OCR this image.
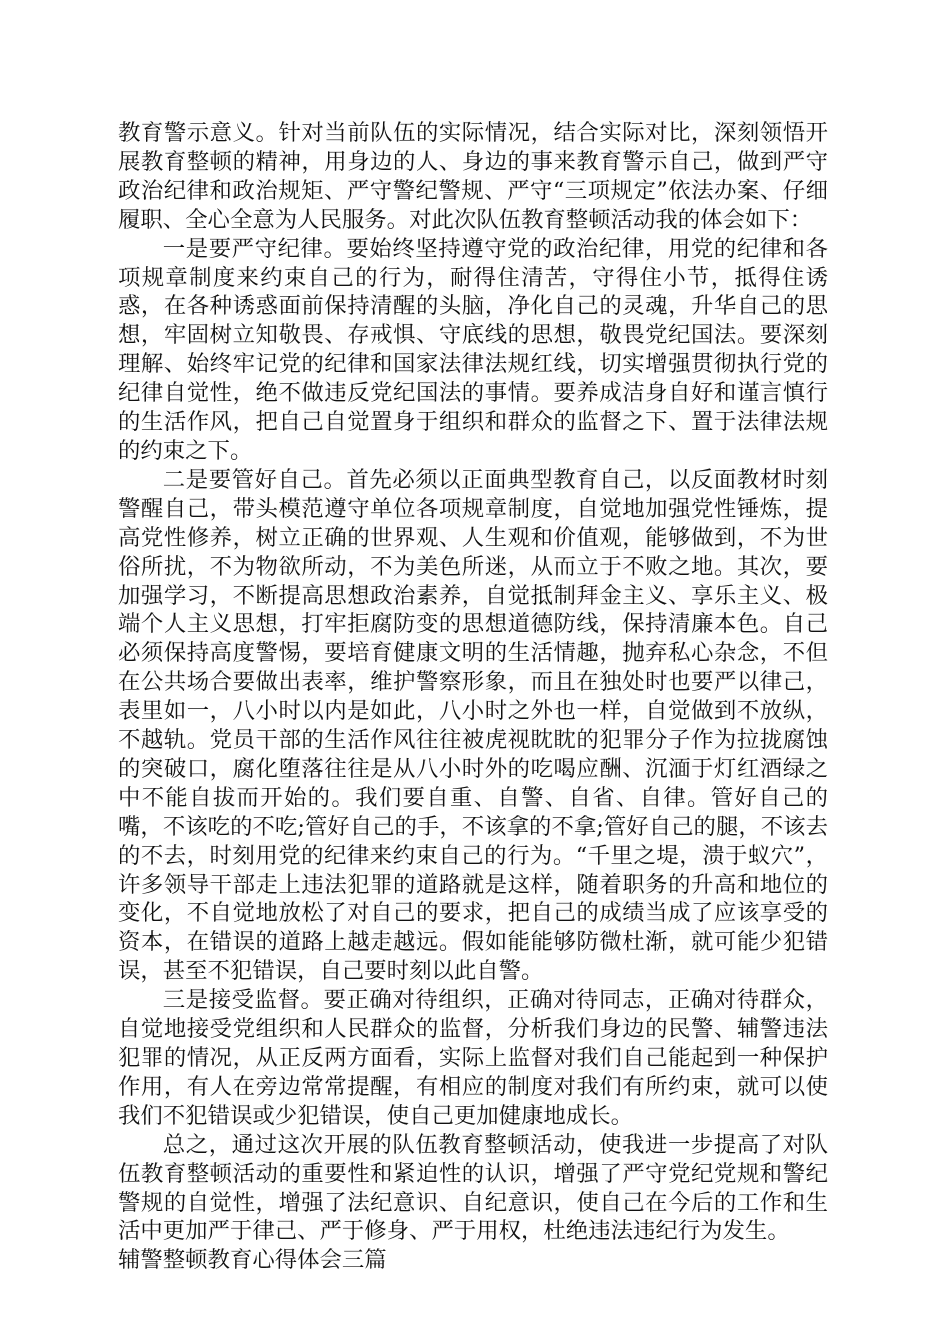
教育警示意义。针对当前队伍的实际情况，结合实际对比，深刻领悟开展教育整顿的精神，用身边的人、身边的事来教育警示自己，做到严守政治纪律和政治规矩、严守警纪警规、严守“三项规定”依法办案、仔细履职、全心全意为人民服务。对此次队伍教育整顿活动我的体会如下：

一是要严守纪律。要始终坚持遵守党的政治纪律，用党的纪律和各项规章制度来约束自己的行为，耐得住清苦，守得住小节，抵得住诱惑，在各种诱惑面前保持清醒的头脑，净化自己的灵魂，升华自己的思想，牢固树立知敬畏、存戒惧、守底线的思想，敬畏党纪国法。要深刻理解、始终牢记党的纪律和国家法律法规红线，切实增强贯彻执行党的纪律自觉性，绝不做违反党纪国法的事情。要养成洁身自好和谨言慎行的生活作风，把自己自觉置身于组织和群众的监督之下、置于法律法规的约束之下。

二是要管好自己。首先必须以正面典型教育自己，以反面教材时刻警醒自己，带头模范遵守单位各项规章制度，自觉地加强党性锤炼，提高党性修养，树立正确的世界观、人生观和价值观，能够做到，不为世俗所扰，不为物欲所动，不为美色所迷，从而立于不败之地。其次，要加强学习，不断提高思想政治素养，自觉抵制拜金主义、享乐主义、极端个人主义思想，打牢拒腐防变的思想道德防线，保持清廉本色。自己必须保持高度警惕，要培育健康文明的生活情趣，抛弃私心杂念，不但在公共场合要做出表率，维护警察形象，而且在独处时也要严以律己，表里如一，八小时以内是如此，八小时之外也一样，自觉做到不放纵，不越轨。党员干部的生活作风往往被虎视眈眈的犯罪分子作为拉拢腐蚀的突破口，腐化堕落往往是从八小时外的吃喝应酬、沉湎于灯红酒绿之中不能自拔而开始的。我们要自重、自警、自省、自律。管好自己的嘴，不该吃的不吃;管好自己的手，不该拿的不拿;管好自己的腿，不该去的不去，时刻用党的纪律来约束自己的行为。“千里之堤，溃于蚁穴”，许多领导干部走上违法犯罪的道路就是这样，随着职务的升高和地位的变化，不自觉地放松了对自己的要求，把自己的成绩当成了应该享受的资本，在错误的道路上越走越远。假如能能够防微杜渐，就可能少犯错误，甚至不犯错误，自己要时刻以此自警。

三是接受监督。要正确对待组织，正确对待同志，正确对待群众，自觉地接受党组织和人民群众的监督，分析我们身边的民警、辅警违法犯罪的情况，从正反两方面看，实际上监督对我们自己能起到一种保护作用，有人在旁边常常提醒，有相应的制度对我们有所约束，就可以使我们不犯错误或少犯错误，使自己更加健康地成长。

总之，通过这次开展的队伍教育整顿活动，使我进一步提高了对队伍教育整顿活动的重要性和紧迫性的认识，增强了严守党纪党规和警纪警规的自觉性，增强了法纪意识、自纪意识，使自己在今后的工作和生活中更加严于律己、严于修身、严于用权，杜绝违法违纪行为发生。

辅警整顿教育心得体会三篇
